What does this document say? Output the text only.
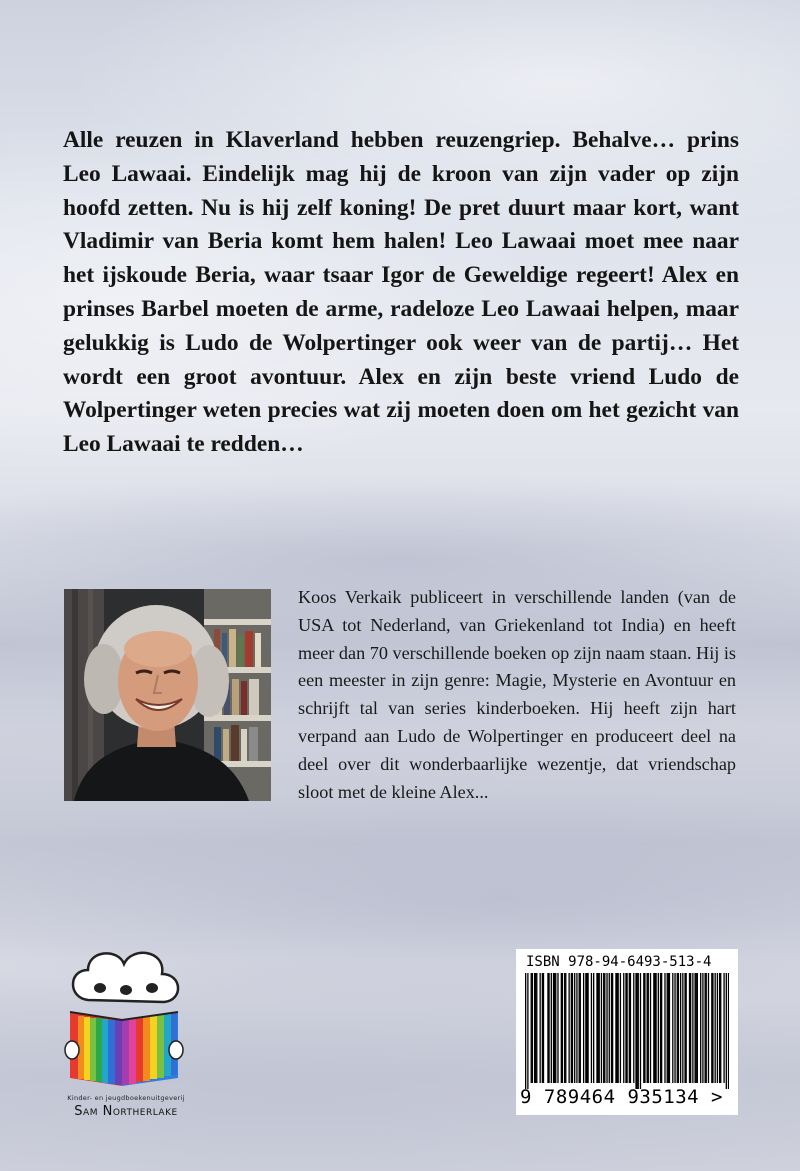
Alle reuzen in Klaverland hebben reuzengriep. Behalve… prins Leo Lawaai. Eindelijk mag hij de kroon van zijn vader op zijn hoofd zetten. Nu is hij zelf koning! De pret duurt maar kort, want Vladimir van Beria komt hem halen! Leo Lawaai moet mee naar het ijskoude Beria, waar tsaar Igor de Geweldige regeert! Alex en prinses Barbel moeten de arme, radeloze Leo Lawaai helpen, maar gelukkig is Ludo de Wolpertinger ook weer van de partij… Het wordt een groot avontuur. Alex en zijn beste vriend Ludo de Wolpertinger weten precies wat zij moeten doen om het gezicht van Leo Lawaai te redden…

Koos Verkaik publiceert in verschillende landen (van de USA tot Nederland, van Griekenland tot India) en heeft meer dan 70 verschillende boeken op zijn naam staan. Hij is een meester in zijn genre: Magie, Mysterie en Avontuur en schrijft tal van series kinderboeken. Hij heeft zijn hart verpand aan Ludo de Wolpertinger en produceert deel na deel over dit wonderbaarlijke wezentje, dat vriendschap sloot met de kleine Alex...

Kinder- en jeugdboekenuitgeverij
Sam Northerlake
ISBN 978-94-6493-513-4
9 789464 935134 >
